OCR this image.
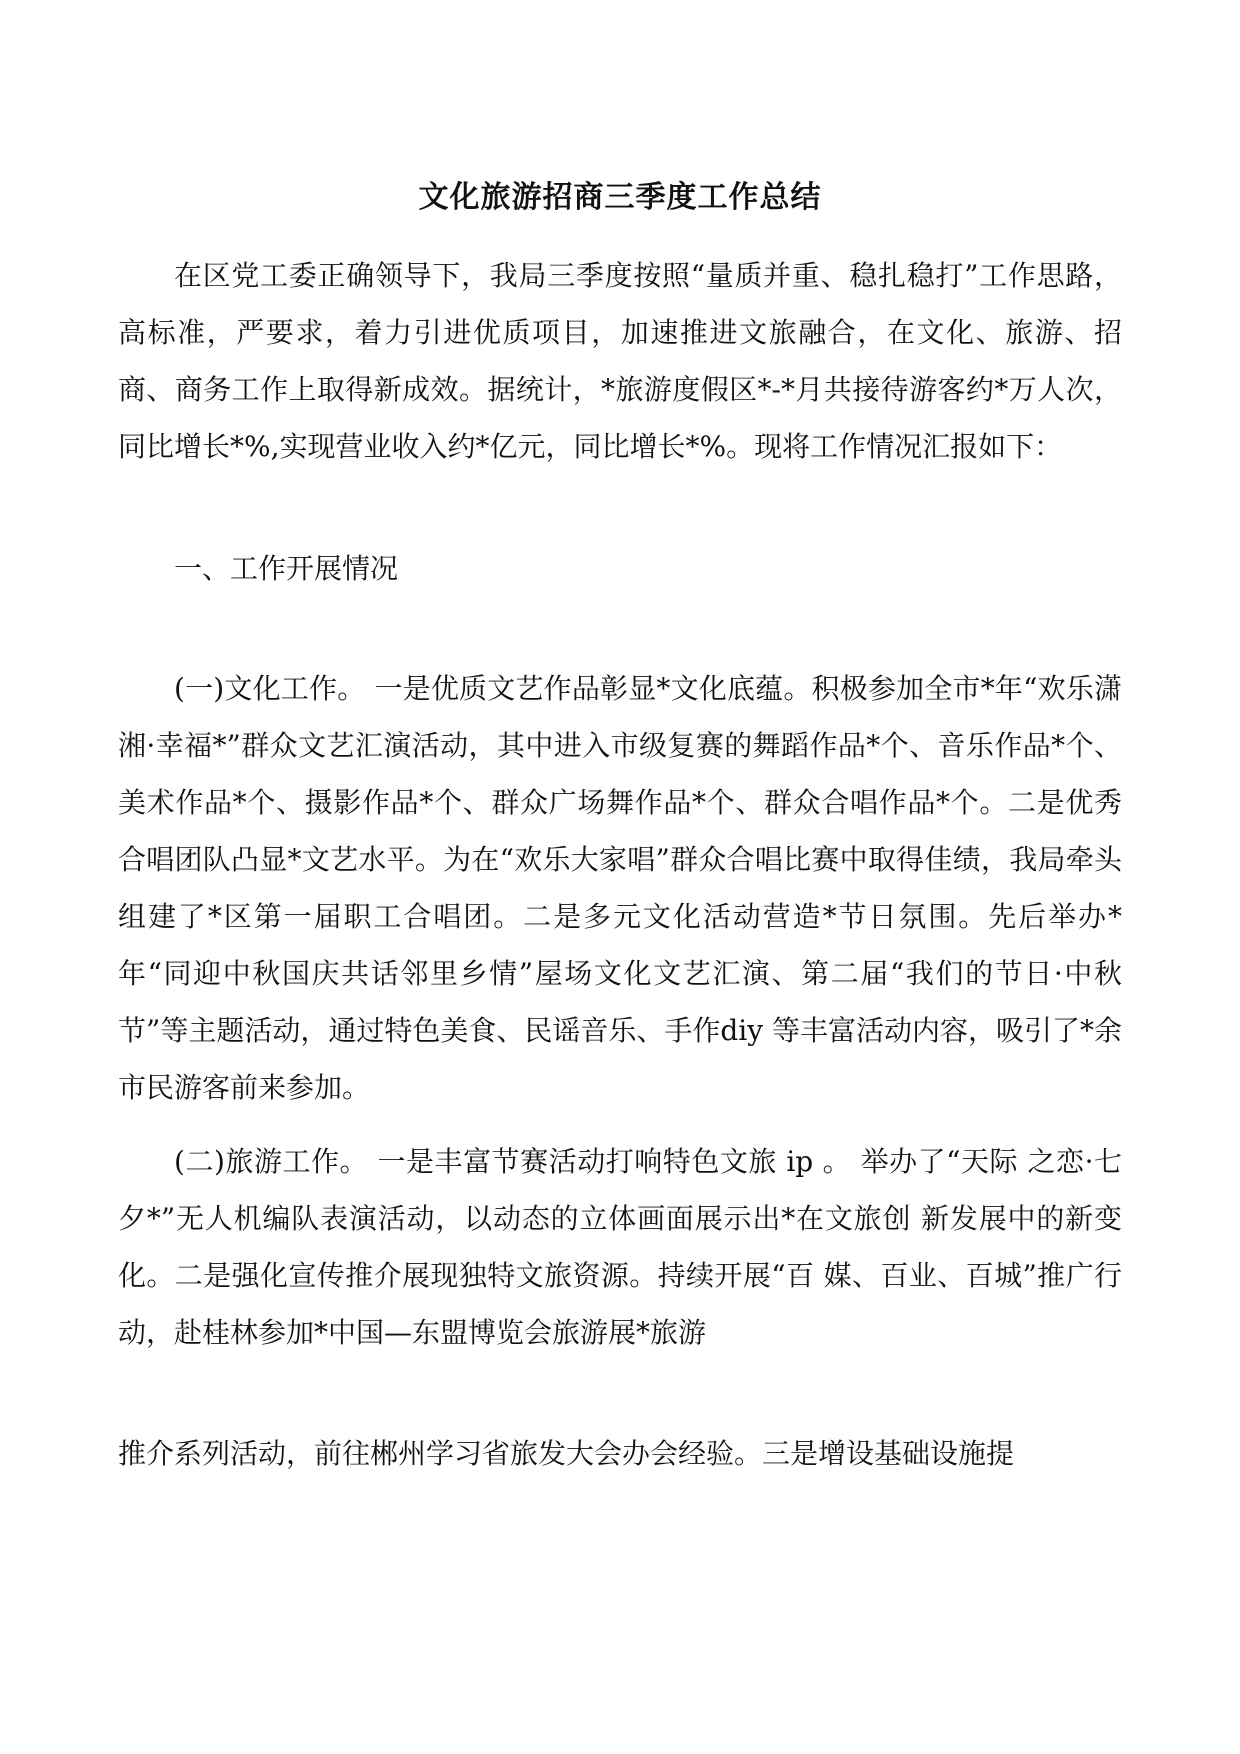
文化旅游招商三季度工作总结

在区党工委正确领导下，我局三季度按照“量质并重、稳扎稳打”工作思路，高标准，严要求，着力引进优质项目，加速推进文旅融合，在文化、旅游、招商、商务工作上取得新成效。据统计，*旅游度假区*-*月共接待游客约*万人次，同比增长*%,实现营业收入约*亿元，同比增长*%。现将工作情况汇报如下：

一、工作开展情况

(一)文化工作。 一是优质文艺作品彰显*文化底蕴。积极参加全市*年“欢乐潇湘·幸福*”群众文艺汇演活动，其中进入市级复赛的舞蹈作品*个、音乐作品*个、美术作品*个、摄影作品*个、群众广场舞作品*个、群众合唱作品*个。二是优秀合唱团队凸显*文艺水平。为在“欢乐大家唱”群众合唱比赛中取得佳绩，我局牵头组建了*区第一届职工合唱团。二是多元文化活动营造*节日氛围。先后举办*年“同迎中秋国庆共话邻里乡情”屋场文化文艺汇演、第二届“我们的节日·中秋节”等主题活动，通过特色美食、民谣音乐、手作diy 等丰富活动内容，吸引了*余市民游客前来参加。

(二)旅游工作。 一是丰富节赛活动打响特色文旅 ip 。 举办了“天际 之恋·七夕*”无人机编队表演活动，以动态的立体画面展示出*在文旅创 新发展中的新变化。二是强化宣传推介展现独特文旅资源。持续开展“百 媒、百业、百城”推广行动，赴桂林参加*中国—东盟博览会旅游展*旅游

推介系列活动，前往郴州学习省旅发大会办会经验。三是增设基础设施提
